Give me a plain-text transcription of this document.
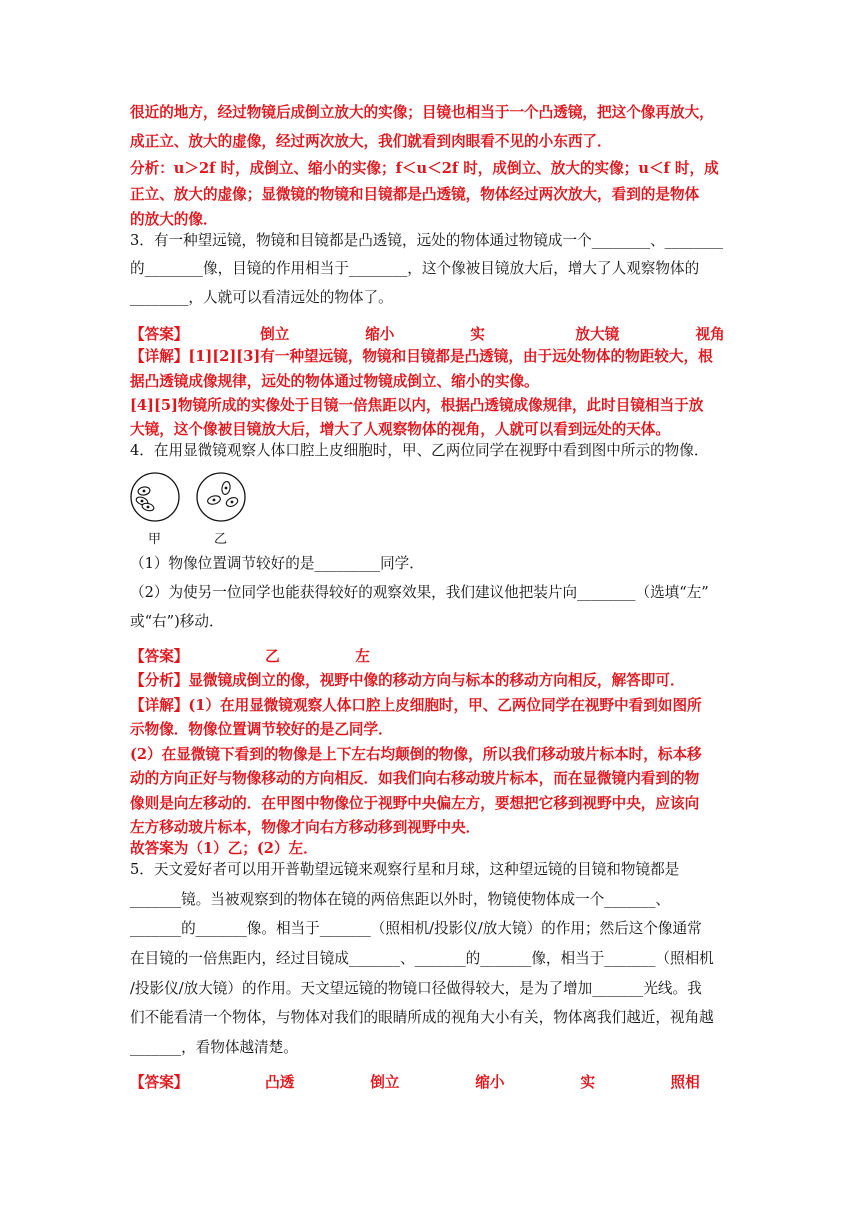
很近的地方，经过物镜后成倒立放大的实像；目镜也相当于一个凸透镜，把这个像再放大，
成正立、放大的虚像，经过两次放大，我们就看到肉眼看不见的小东西了．
分析：u＞2f 时，成倒立、缩小的实像；f＜u＜2f 时，成倒立、放大的实像；u＜f 时，成
正立、放大的虚像；显微镜的物镜和目镜都是凸透镜，物体经过两次放大，看到的是物体
的放大的像．
3．有一种望远镜，物镜和目镜都是凸透镜，远处的物体通过物镜成一个________、________
的________像，目镜的作用相当于________，这个像被目镜放大后，增大了人观察物体的
________，人就可以看清远处的物体了。
【答案】	倒立	缩小	实	放大镜	视角
【详解】[1][2][3]有一种望远镜，物镜和目镜都是凸透镜，由于远处物体的物距较大，根
据凸透镜成像规律，远处的物体通过物镜成倒立、缩小的实像。
[4][5]物镜所成的实像处于目镜一倍焦距以内，根据凸透镜成像规律，此时目镜相当于放
大镜，这个像被目镜放大后，增大了人观察物体的视角，人就可以看到远处的天体。
4．在用显微镜观察人体口腔上皮细胞时，甲、乙两位同学在视野中看到图中所示的物像．
甲	乙
（1）物像位置调节较好的是_________同学．
（2）为使另一位同学也能获得较好的观察效果，我们建议他把装片向________（选填“左”
或“右”)移动．
【答案】	乙	左
【分析】显微镜成倒立的像，视野中像的移动方向与标本的移动方向相反，解答即可．
【详解】(1）在用显微镜观察人体口腔上皮细胞时，甲、乙两位同学在视野中看到如图所
示物像．物像位置调节较好的是乙同学．
(2）在显微镜下看到的物像是上下左右均颠倒的物像，所以我们移动玻片标本时，标本移
动的方向正好与物像移动的方向相反．如我们向右移动玻片标本，而在显微镜内看到的物
像则是向左移动的．在甲图中物像位于视野中央偏左方，要想把它移到视野中央，应该向
左方移动玻片标本，物像才向右方移动移到视野中央．
故答案为（1）乙；(2）左．
5．天文爱好者可以用开普勒望远镜来观察行星和月球，这种望远镜的目镜和物镜都是
_______镜。当被观察到的物体在镜的两倍焦距以外时，物镜使物体成一个_______、
_______的_______像。相当于_______（照相机/投影仪/放大镜）的作用；然后这个像通常
在目镜的一倍焦距内，经过目镜成_______、_______的_______像，相当于_______（照相机
/投影仪/放大镜）的作用。天文望远镜的物镜口径做得较大，是为了增加_______光线。我
们不能看清一个物体，与物体对我们的眼睛所成的视角大小有关，物体离我们越近，视角越
_______，看物体越清楚。
【答案】	凸透	倒立	缩小	实	照相
